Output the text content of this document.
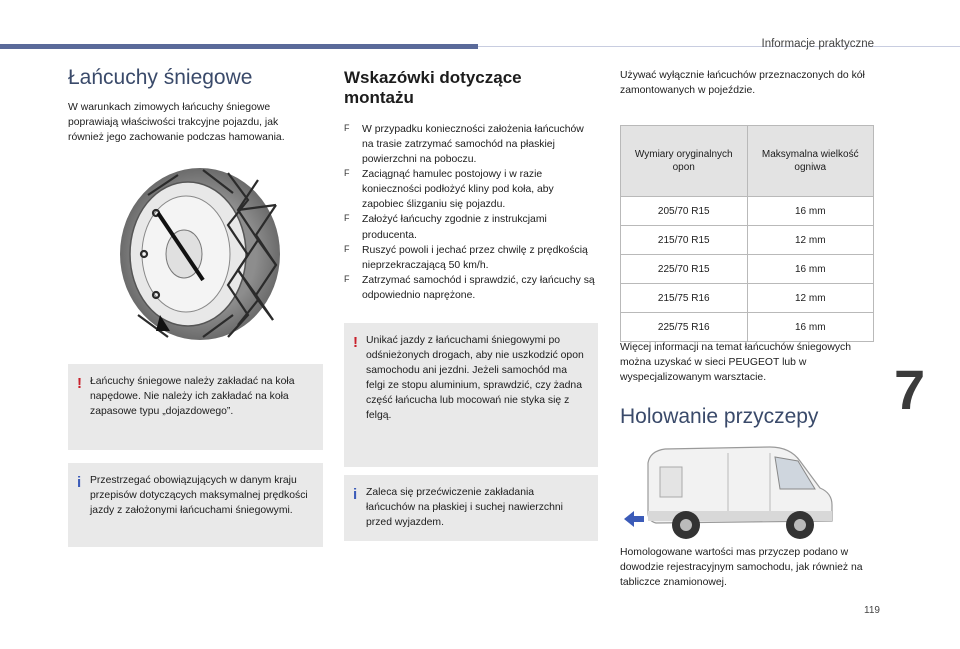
Informacje praktyczne
7
119
Łańcuchy śniegowe

W warunkach zimowych łańcuchy śniegowe poprawiają właściwości trakcyjne pojazdu, jak również jego zachowanie podczas hamowania.

! Łańcuchy śniegowe należy zakładać na koła napędowe. Nie należy ich zakładać na koła zapasowe typu „dojazdowego”.

i Przestrzegać obowiązujących w danym kraju przepisów dotyczących maksymalnej prędkości jazdy z założonymi łańcuchami śniegowymi.

Wskazówki dotyczące
montażu
F W przypadku konieczności założenia łańcuchów na trasie zatrzymać samochód na płaskiej powierzchni na poboczu.
F Zaciągnąć hamulec postojowy i w razie konieczności podłożyć kliny pod koła, aby zapobiec ślizganiu się pojazdu.
F Założyć łańcuchy zgodnie z instrukcjami producenta.
F Ruszyć powoli i jechać przez chwilę z prędkością nieprzekraczającą 50 km/h.
F Zatrzymać samochód i sprawdzić, czy łańcuchy są odpowiednio naprężone.
! Unikać jazdy z łańcuchami śniegowymi po odśnieżonych drogach, aby nie uszkodzić opon samochodu ani jezdni. Jeżeli samochód ma felgi ze stopu aluminium, sprawdzić, czy żadna część łańcucha lub mocowań nie styka się z felgą.

i Zaleca się przećwiczenie zakładania łańcuchów na płaskiej i suchej nawierzchni przed wyjazdem.

Używać wyłącznie łańcuchów przeznaczonych do kół zamontowanych w pojeździe.

Wymiary oryginalnych opon	Maksymalna wielkość ogniwa
205/70 R15	16 mm
215/70 R15	12 mm
225/70 R15	16 mm
215/75 R16	12 mm
225/75 R16	16 mm

Więcej informacji na temat łańcuchów śniegowych można uzyskać w sieci PEUGEOT lub w wyspecjalizowanym warsztacie.

Holowanie przyczepy

Homologowane wartości mas przyczep podano w dowodzie rejestracyjnym samochodu, jak również na tabliczce znamionowej.
